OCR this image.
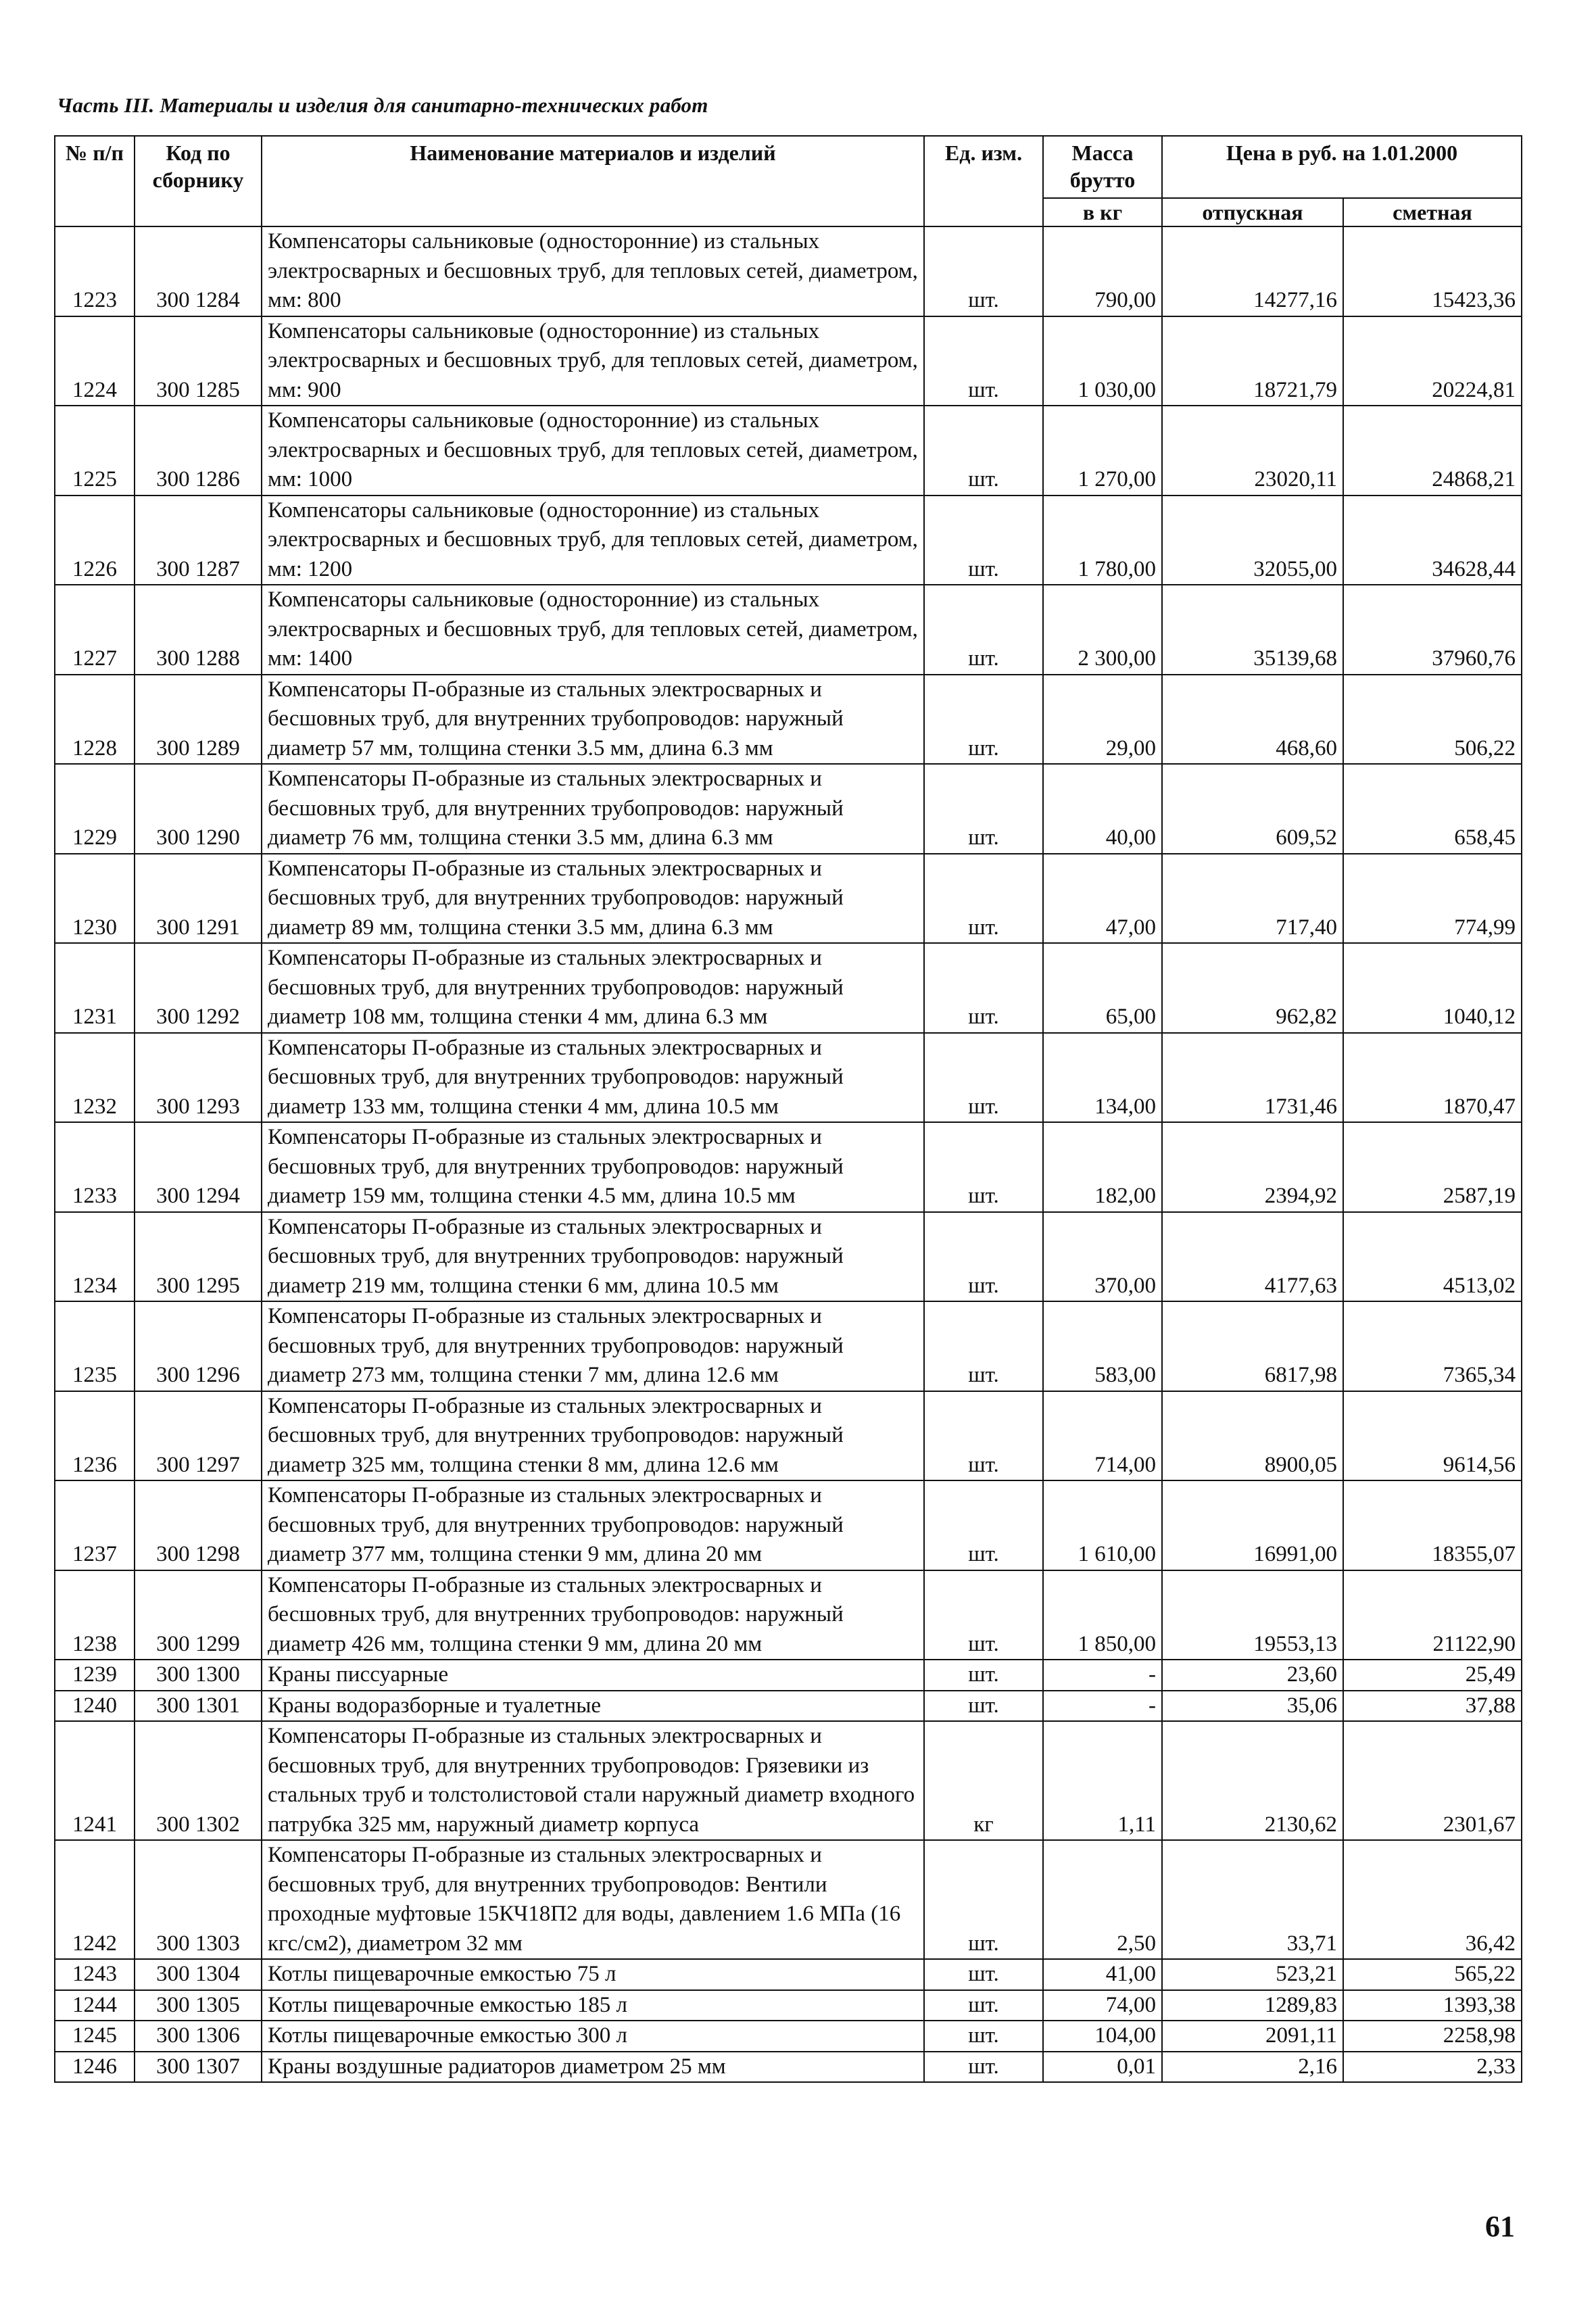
Часть III. Материалы и изделия для санитарно-технических работ
№ п/п	Код по сборнику	Наименование материалов и изделий	Ед. изм.	Масса брутто	Цена в руб. на 1.01.2000	
				в кг	отпускная	сметная
1223	300 1284	Компенсаторы сальниковые (односторонние) из стальных электросварных и бесшовных труб, для тепловых сетей, диаметром, мм: 800	шт.	790,00	14277,16	15423,36
1224	300 1285	Компенсаторы сальниковые (односторонние) из стальных электросварных и бесшовных труб, для тепловых сетей, диаметром, мм: 900	шт.	1 030,00	18721,79	20224,81
1225	300 1286	Компенсаторы сальниковые (односторонние) из стальных электросварных и бесшовных труб, для тепловых сетей, диаметром, мм: 1000	шт.	1 270,00	23020,11	24868,21
1226	300 1287	Компенсаторы сальниковые (односторонние) из стальных электросварных и бесшовных труб, для тепловых сетей, диаметром, мм: 1200	шт.	1 780,00	32055,00	34628,44
1227	300 1288	Компенсаторы сальниковые (односторонние) из стальных электросварных и бесшовных труб, для тепловых сетей, диаметром, мм: 1400	шт.	2 300,00	35139,68	37960,76
1228	300 1289	Компенсаторы П-образные из стальных электросварных и бесшовных труб, для внутренних трубопроводов: наружный диаметр 57 мм, толщина стенки 3.5 мм, длина 6.3 мм	шт.	29,00	468,60	506,22
1229	300 1290	Компенсаторы П-образные из стальных электросварных и бесшовных труб, для внутренних трубопроводов: наружный диаметр 76 мм, толщина стенки 3.5 мм, длина 6.3 мм	шт.	40,00	609,52	658,45
1230	300 1291	Компенсаторы П-образные из стальных электросварных и бесшовных труб, для внутренних трубопроводов: наружный диаметр 89 мм, толщина стенки 3.5 мм, длина 6.3 мм	шт.	47,00	717,40	774,99
1231	300 1292	Компенсаторы П-образные из стальных электросварных и бесшовных труб, для внутренних трубопроводов: наружный диаметр 108 мм, толщина стенки 4 мм, длина 6.3 мм	шт.	65,00	962,82	1040,12
1232	300 1293	Компенсаторы П-образные из стальных электросварных и бесшовных труб, для внутренних трубопроводов: наружный диаметр 133 мм, толщина стенки 4 мм, длина 10.5 мм	шт.	134,00	1731,46	1870,47
1233	300 1294	Компенсаторы П-образные из стальных электросварных и бесшовных труб, для внутренних трубопроводов: наружный диаметр 159 мм, толщина стенки 4.5 мм, длина 10.5 мм	шт.	182,00	2394,92	2587,19
1234	300 1295	Компенсаторы П-образные из стальных электросварных и бесшовных труб, для внутренних трубопроводов: наружный диаметр 219 мм, толщина стенки 6 мм, длина 10.5 мм	шт.	370,00	4177,63	4513,02
1235	300 1296	Компенсаторы П-образные из стальных электросварных и бесшовных труб, для внутренних трубопроводов: наружный диаметр 273 мм, толщина стенки 7 мм, длина 12.6 мм	шт.	583,00	6817,98	7365,34
1236	300 1297	Компенсаторы П-образные из стальных электросварных и бесшовных труб, для внутренних трубопроводов: наружный диаметр 325 мм, толщина стенки 8 мм, длина 12.6 мм	шт.	714,00	8900,05	9614,56
1237	300 1298	Компенсаторы П-образные из стальных электросварных и бесшовных труб, для внутренних трубопроводов: наружный диаметр 377 мм, толщина стенки 9 мм, длина 20 мм	шт.	1 610,00	16991,00	18355,07
1238	300 1299	Компенсаторы П-образные из стальных электросварных и бесшовных труб, для внутренних трубопроводов: наружный диаметр 426 мм, толщина стенки 9 мм, длина 20 мм	шт.	1 850,00	19553,13	21122,90
1239	300 1300	Краны писсуарные	шт.	-	23,60	25,49
1240	300 1301	Краны водоразборные и туалетные	шт.	-	35,06	37,88
1241	300 1302	Компенсаторы П-образные из стальных электросварных и бесшовных труб, для внутренних трубопроводов: Грязевики из стальных труб и толстолистовой стали наружный диаметр входного патрубка 325 мм, наружный диаметр корпуса	кг	1,11	2130,62	2301,67
1242	300 1303	Компенсаторы П-образные из стальных электросварных и бесшовных труб, для внутренних трубопроводов: Вентили проходные муфтовые 15КЧ18П2 для воды, давлением 1.6 МПа (16 кгс/см2), диаметром 32 мм	шт.	2,50	33,71	36,42
1243	300 1304	Котлы пищеварочные емкостью 75 л	шт.	41,00	523,21	565,22
1244	300 1305	Котлы пищеварочные емкостью 185 л	шт.	74,00	1289,83	1393,38
1245	300 1306	Котлы пищеварочные емкостью 300 л	шт.	104,00	2091,11	2258,98
1246	300 1307	Краны воздушные радиаторов диаметром 25 мм	шт.	0,01	2,16	2,33
61
